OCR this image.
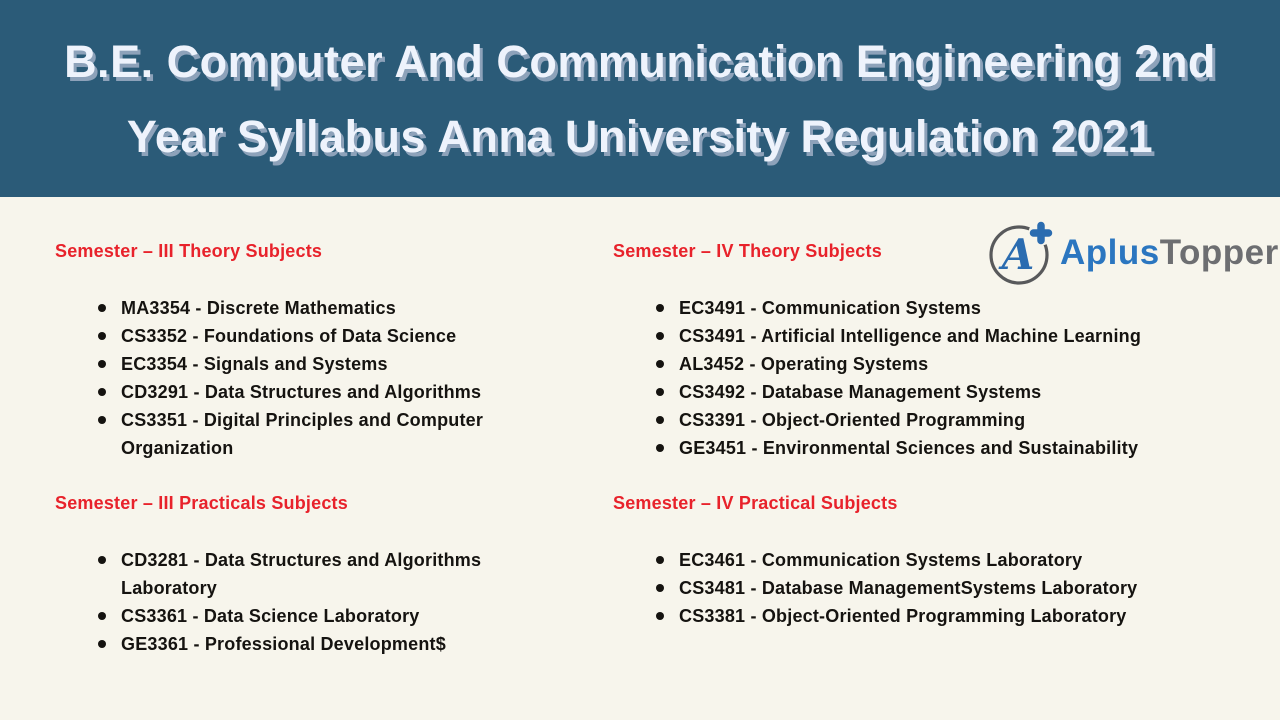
B.E. Computer And Communication Engineering 2nd
Year Syllabus Anna University Regulation 2021
A AplusTopper
Semester – III Theory Subjects
Semester – III Practicals Subjects
Semester – IV Theory Subjects
Semester – IV Practical Subjects
MA3354 - Discrete Mathematics
CS3352 - Foundations of Data Science
EC3354 - Signals and Systems
CD3291 - Data Structures and Algorithms
CS3351 - Digital Principles and Computer Organization
CD3281 - Data Structures and Algorithms Laboratory
CS3361 - Data Science Laboratory
GE3361 - Professional Development$
EC3491 - Communication Systems
CS3491 - Artificial Intelligence and Machine Learning
AL3452 - Operating Systems
CS3492 - Database Management Systems
CS3391 - Object-Oriented Programming
GE3451 - Environmental Sciences and Sustainability
EC3461 - Communication Systems Laboratory
CS3481 - Database ManagementSystems Laboratory
CS3381 - Object-Oriented Programming Laboratory
